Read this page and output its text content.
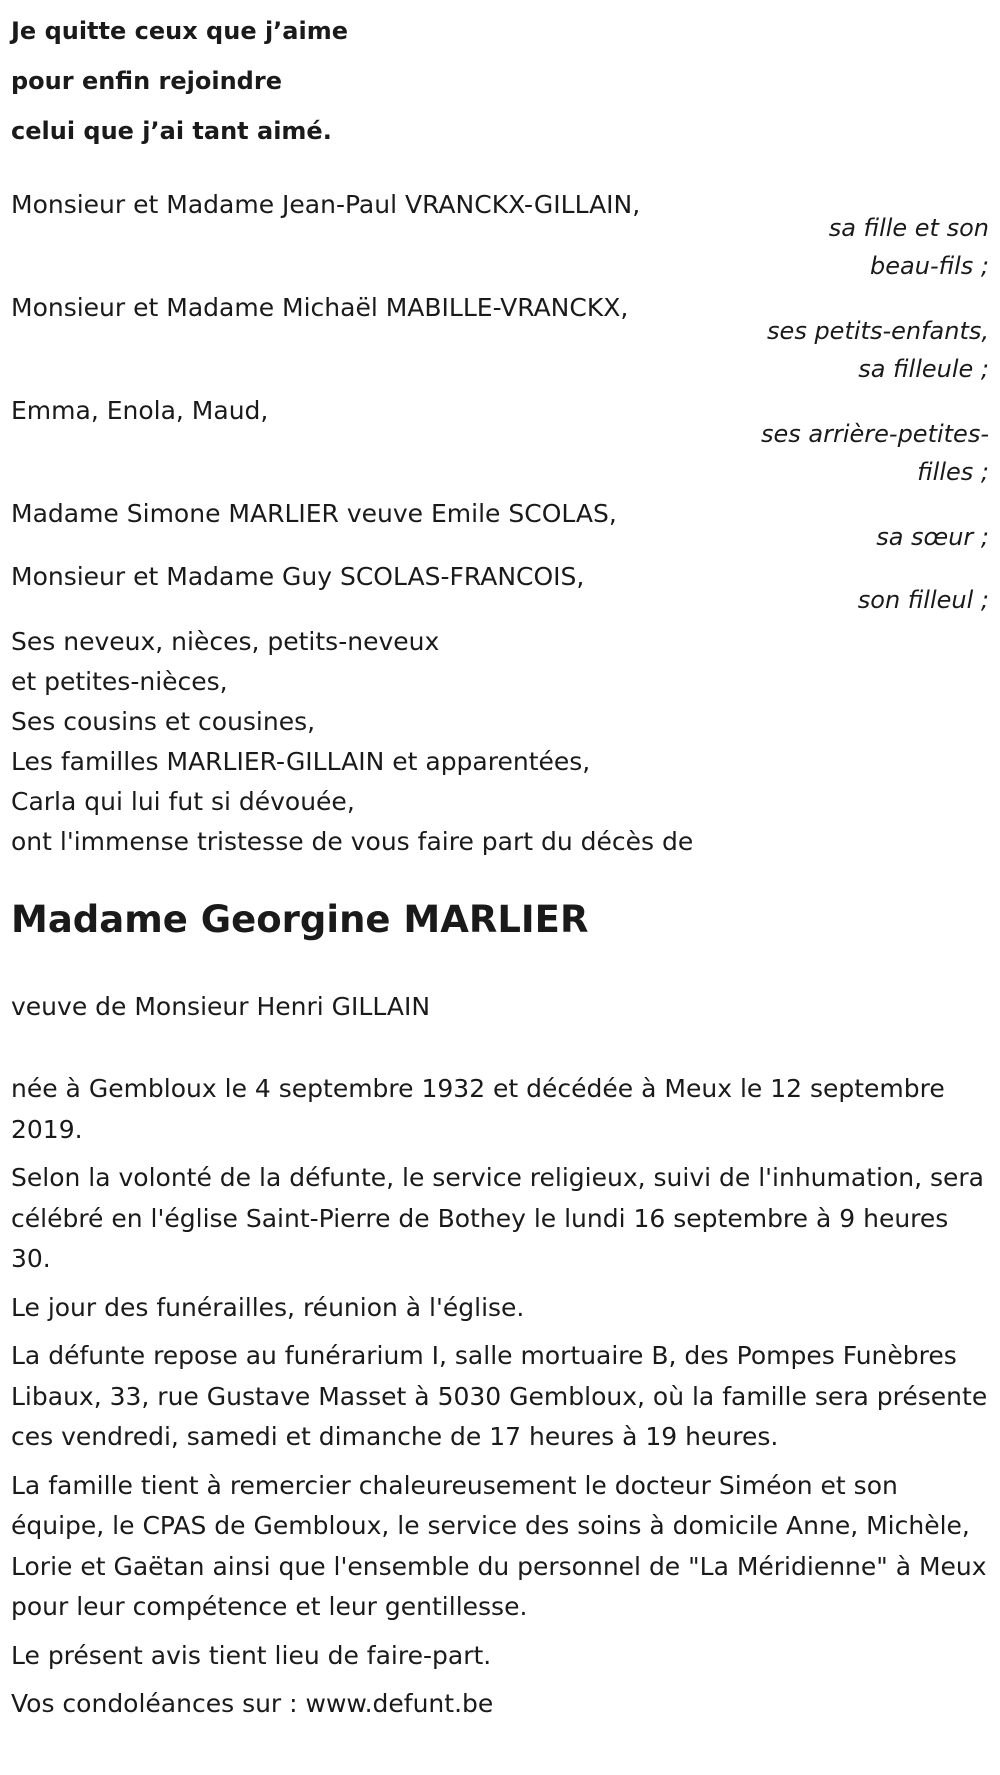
Je quitte ceux que j’aime
pour enfin rejoindre
celui que j’ai tant aimé.
Monsieur et Madame Jean-Paul VRANCKX-GILLAIN,
sa fille et son
beau-fils ;
Monsieur et Madame Michaël MABILLE-VRANCKX,
ses petits-enfants,
sa filleule ;
Emma, Enola, Maud,
ses arrière-petites-
filles ;
Madame Simone MARLIER veuve Emile SCOLAS,
sa sœur ;
Monsieur et Madame Guy SCOLAS-FRANCOIS,
son filleul ;
Ses neveux, nièces, petits-neveux
et petites-nièces,
Ses cousins et cousines,
Les familles MARLIER-GILLAIN et apparentées,
Carla qui lui fut si dévouée,
ont l'immense tristesse de vous faire part du décès de
Madame Georgine MARLIER
veuve de Monsieur Henri GILLAIN

née à Gembloux le 4 septembre 1932 et décédée à Meux le 12 septembre 2019.

Selon la volonté de la défunte, le service religieux, suivi de l'inhumation, sera célébré en l'église Saint-Pierre de Bothey le lundi 16 septembre à 9 heures 30.

Le jour des funérailles, réunion à l'église.

La défunte repose au funérarium I, salle mortuaire B, des Pompes Funèbres Libaux, 33, rue Gustave Masset à 5030 Gembloux, où la famille sera présente ces vendredi, samedi et dimanche de 17 heures à 19 heures.

La famille tient à remercier chaleureusement le docteur Siméon et son équipe, le CPAS de Gembloux, le service des soins à domicile Anne, Michèle, Lorie et Gaëtan ainsi que l'ensemble du personnel de "La Méridienne" à Meux pour leur compétence et leur gentillesse.

Le présent avis tient lieu de faire-part.

Vos condoléances sur : www.defunt.be
